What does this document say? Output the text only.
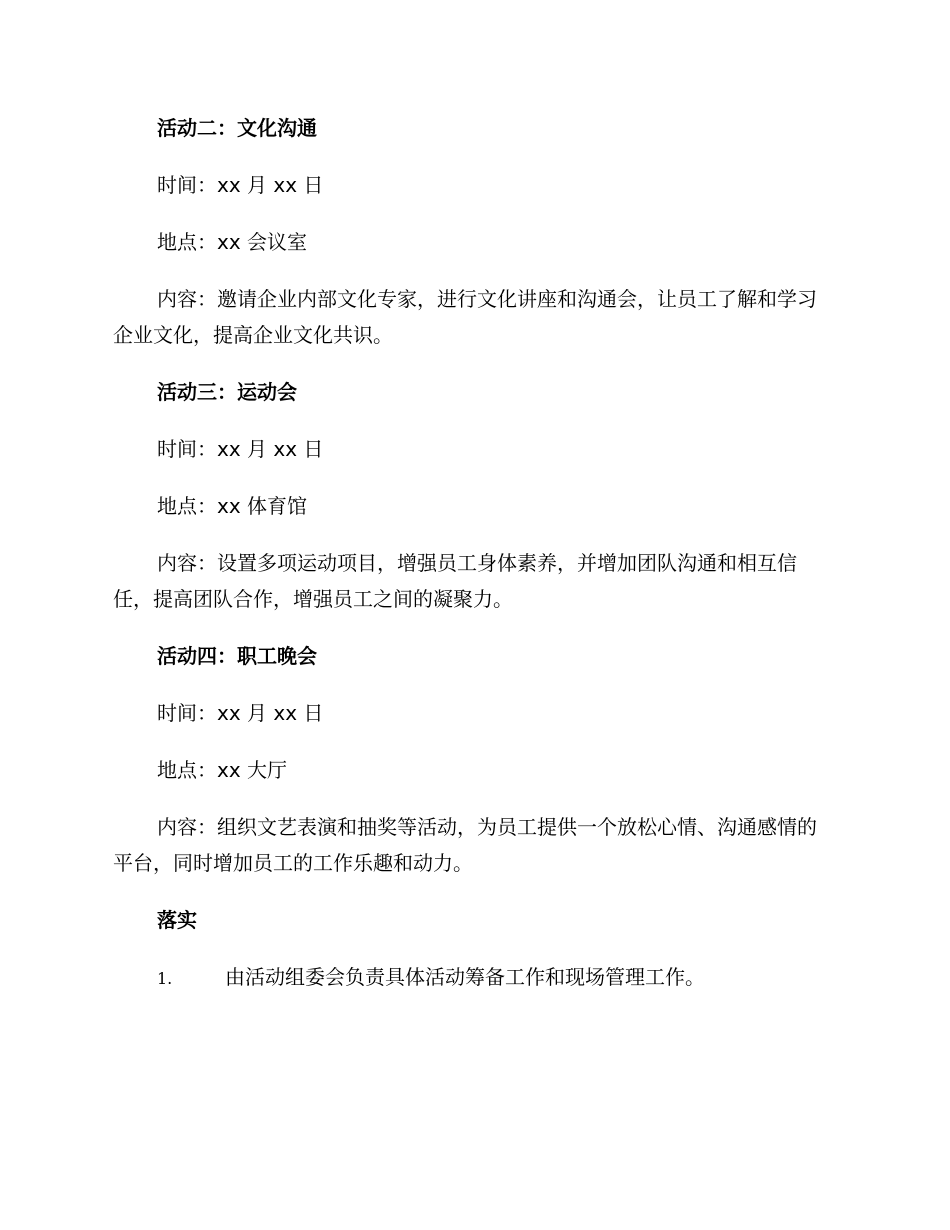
活动二：文化沟通

时间：xx 月 xx 日

地点：xx 会议室

内容：邀请企业内部文化专家，进行文化讲座和沟通会，让员工了解和学习企业文化，提高企业文化共识。

活动三：运动会

时间：xx 月 xx 日

地点：xx 体育馆

内容：设置多项运动项目，增强员工身体素养，并增加团队沟通和相互信任，提高团队合作，增强员工之间的凝聚力。

活动四：职工晚会

时间：xx 月 xx 日

地点：xx 大厅

内容：组织文艺表演和抽奖等活动，为员工提供一个放松心情、沟通感情的平台，同时增加员工的工作乐趣和动力。

落实

1.	由活动组委会负责具体活动筹备工作和现场管理工作。
